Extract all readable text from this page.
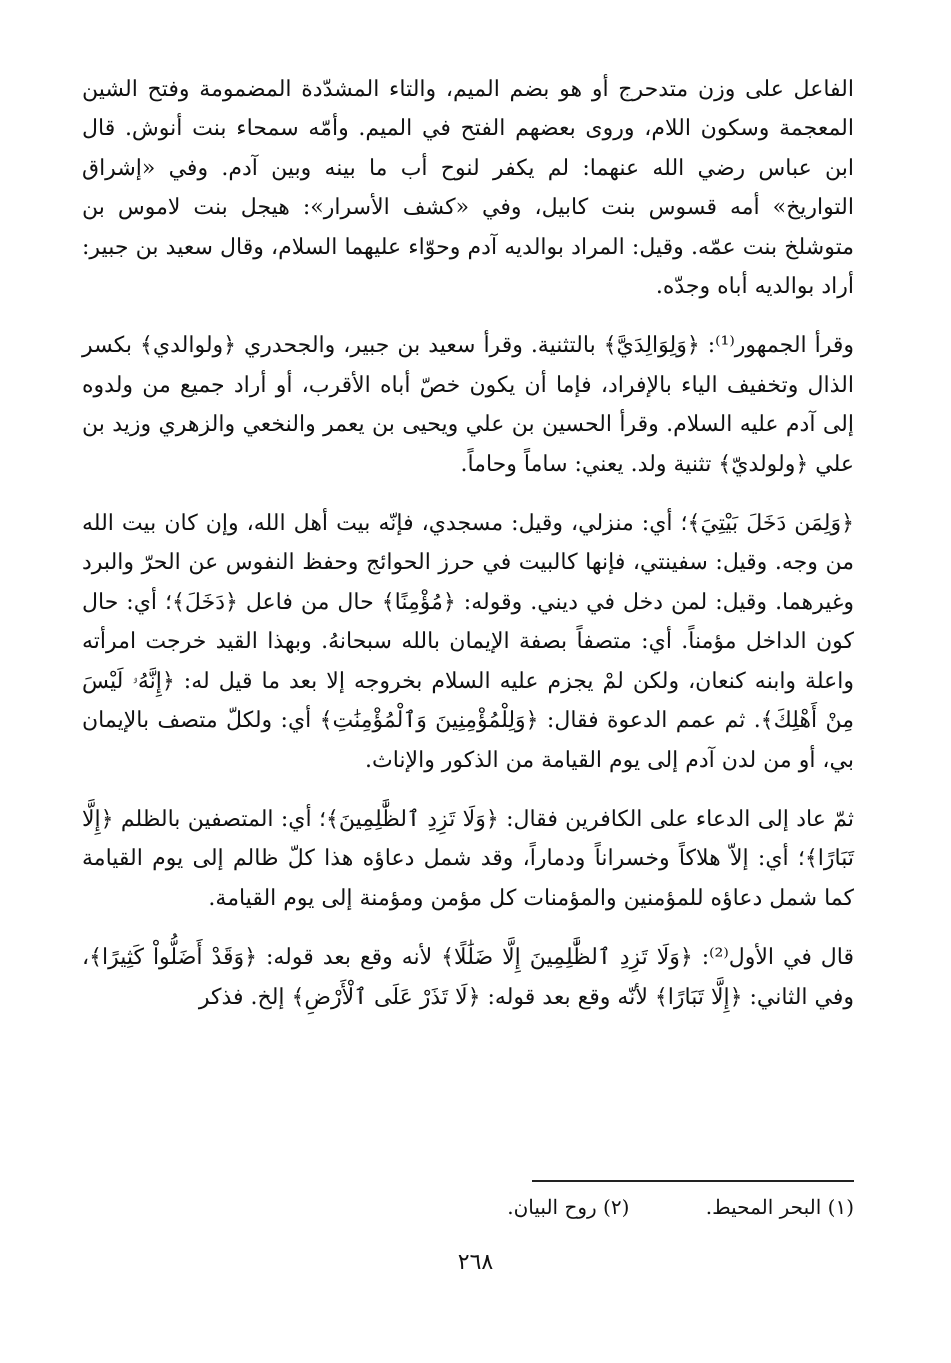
الفاعل على وزن متدحرج أو هو بضم الميم، والتاء المشدّدة المضمومة وفتح الشين المعجمة وسكون اللام، وروى بعضهم الفتح في الميم. وأمّه سمحاء بنت أنوش. قال ابن عباس رضي الله عنهما: لم يكفر لنوح أب ما بينه وبين آدم. وفي «إشراق التواريخ» أمه قسوس بنت كابيل، وفي «كشف الأسرار»: هيجل بنت لاموس بن متوشلخ بنت عمّه. وقيل: المراد بوالديه آدم وحوّاء عليهما السلام، وقال سعيد بن جبير: أراد بوالديه أباه وجدّه.

وقرأ الجمهور⁽¹⁾: ﴿وَلِوَالِدَيَّ﴾ بالتثنية. وقرأ سعيد بن جبير، والجحدري ﴿ولوالدي﴾ بكسر الذال وتخفيف الياء بالإفراد، فإما أن يكون خصّ أباه الأقرب، أو أراد جميع من ولدوه إلى آدم عليه السلام. وقرأ الحسين بن علي ويحيى بن يعمر والنخعي والزهري وزيد بن علي ﴿ولولديّ﴾ تثنية ولد. يعني: ساماً وحاماً.

﴿وَلِمَن دَخَلَ بَيْتِيَ﴾؛ أي: منزلي، وقيل: مسجدي، فإنّه بيت أهل الله، وإن كان بيت الله من وجه. وقيل: سفينتي، فإنها كالبيت في حرز الحوائج وحفظ النفوس عن الحرّ والبرد وغيرهما. وقيل: لمن دخل في ديني. وقوله: ﴿مُؤْمِنًا﴾ حال من فاعل ﴿دَخَلَ﴾؛ أي: حال كون الداخل مؤمناً. أي: متصفاً بصفة الإيمان بالله سبحانهُ. وبهذا القيد خرجت امرأته واعلة وابنه كنعان، ولكن لمْ يجزم عليه السلام بخروجه إلا بعد ما قيل له: ﴿إِنَّهُۥ لَيْسَ مِنْ أَهْلِكَ﴾. ثم عمم الدعوة فقال: ﴿وَلِلْمُؤْمِنِينَ وَٱلْمُؤْمِنَٰتِ﴾ أي: ولكلّ متصف بالإيمان بي، أو من لدن آدم إلى يوم القيامة من الذكور والإناث.

ثمّ عاد إلى الدعاء على الكافرين فقال: ﴿وَلَا تَزِدِ ٱلظَّٰلِمِينَ﴾؛ أي: المتصفين بالظلم ﴿إِلَّا تَبَارًا﴾؛ أي: إلاّ هلاكاً وخسراناً ودماراً، وقد شمل دعاؤه هذا كلّ ظالم إلى يوم القيامة كما شمل دعاؤه للمؤمنين والمؤمنات كل مؤمن ومؤمنة إلى يوم القيامة.

قال في الأول⁽²⁾: ﴿وَلَا تَزِدِ ٱلظَّٰلِمِينَ إِلَّا ضَلَٰلًا﴾ لأنه وقع بعد قوله: ﴿وَقَدْ أَضَلُّواْ كَثِيرًا﴾، وفي الثاني: ﴿إِلَّا تَبَارًا﴾ لأنّه وقع بعد قوله: ﴿لَا تَذَرْ عَلَى ٱلْأَرْضِ﴾ إلخ. فذكر

(١) البحر المحيط. (٢) روح البيان.
٢٦٨
